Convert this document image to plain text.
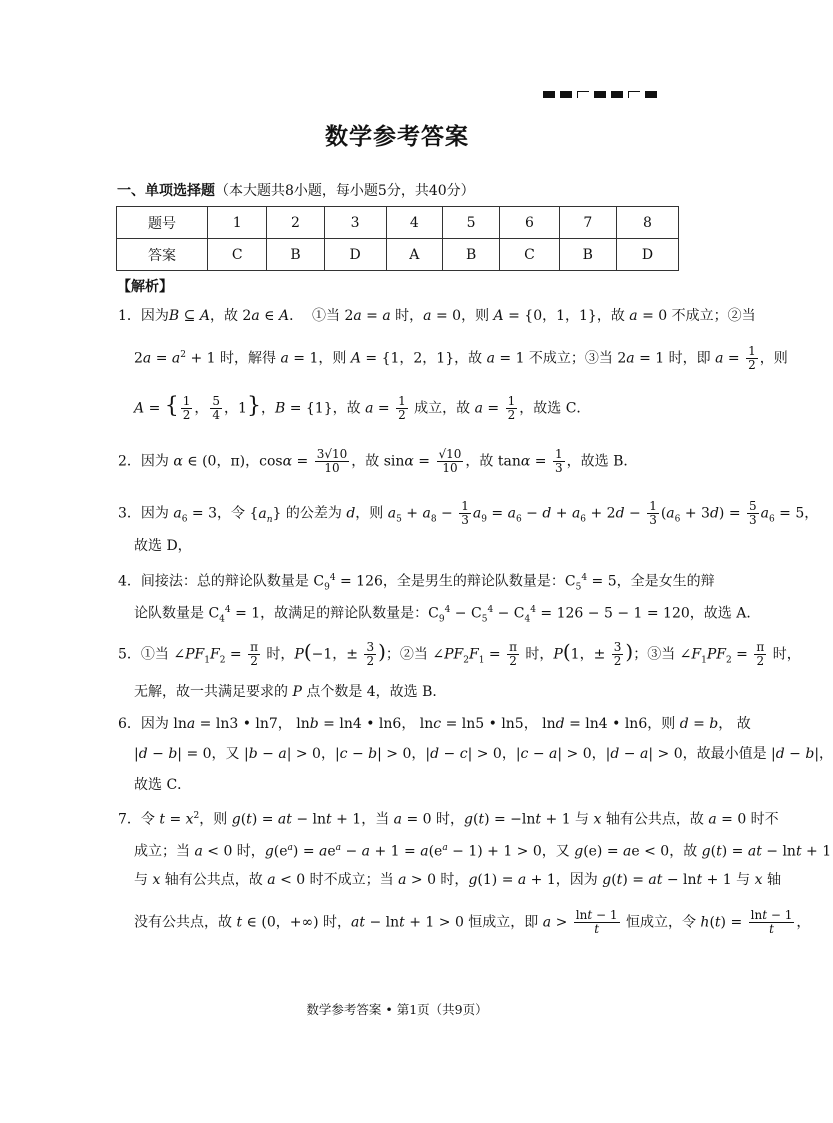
数学参考答案
一、单项选择题（本大题共8小题，每小题5分，共40分）
题号	1	2	3	4	5	6	7	8
答案	C	B	D	A	B	C	B	D
【解析】
1．因为B ⊆ A，故 2a ∈ A．  ①当 2a = a 时，a = 0，则 A = {0，1，1}，故 a = 0 不成立；②当
$2a = a^2 + 1$ 时，解得 a = 1，则 A = {1，2，1}，故 a = 1 不成立；③当 2a = 1 时，即 $a = \frac{1}{2}$ ，则
A = { $\frac{1}{2}$ ， $\frac{5}{4}$ ，1}，B = {1}，故 $a = \frac{1}{2}$ 成立，故 $a = \frac{1}{2}$ ，故选 C．
2．因为 α ∈ (0，π)，$\cos\alpha = \frac{3√10}{10}$ ，故 $\sin\alpha = \frac{√10}{10}$ ，故 $\tan\alpha = \frac{1}{3}$ ，故选 B．
3．因为 $a_6 = 3$，令 $\{a_n\}$ 的公差为 d，则 $a_5 + a_8 - \frac{1}{3} a_9 = a_6 - d + a_6 + 2d - \frac{1}{3} (a_6 + 3d) = \frac{5}{3} a_6 = 5$，
故选 D，
4．间接法：总的辩论队数量是 $C_9^4 = 126$，全是男生的辩论队数量是：$C_5^4 = 5$，全是女生的辩
论队数量是 $C_4^4 = 1$，故满足的辩论队数量是：$C_9^4 - C_5^4 - C_4^4 = 126 - 5 - 1 = 120$，故选 A．
5．①当 $\angle PF_1F_2 = \frac{\pi}{2}$ 时，P(−1，± $\frac{3}{2}$ )；②当 $\angle PF_2F_1 = \frac{\pi}{2}$ 时，P(1，± $\frac{3}{2}$ )；③当 $\angle F_1PF_2 = \frac{\pi}{2}$ 时，
无解，故一共满足要求的 P 点个数是 4，故选 B．
6．因为 lna = ln3 • ln7， lnb = ln4 • ln6， lnc = ln5 • ln5， lnd = ln4 • ln6，则 d = b， 故
|d − b| = 0，又 |b − a| > 0，|c − b| > 0，|d − c| > 0，|c − a| > 0，|d − a| > 0，故最小值是 |d − b|，
故选 C．
7．令 $t = x^2$，则 g(t) = at − lnt + 1，当 a = 0 时，g(t) = −lnt + 1 与 x 轴有公共点，故 a = 0 时不
成立；当 a < 0 时，$g(e^a) = ae^a - a + 1 = a(e^a - 1) + 1 > 0$，又 g(e) = ae < 0，故 g(t) = at − lnt + 1
与 x 轴有公共点，故 a < 0 时不成立；当 a > 0 时，g(1) = a + 1，因为 g(t) = at − lnt + 1 与 x 轴
没有公共点，故 t ∈ (0，+∞) 时，at − lnt + 1 > 0 恒成立，即 $a > \frac{\ln t - 1}{t}$ 恒成立，令 $h(t) = \frac{\ln t - 1}{t}$ ，
数学参考答案 • 第1页（共9页）
